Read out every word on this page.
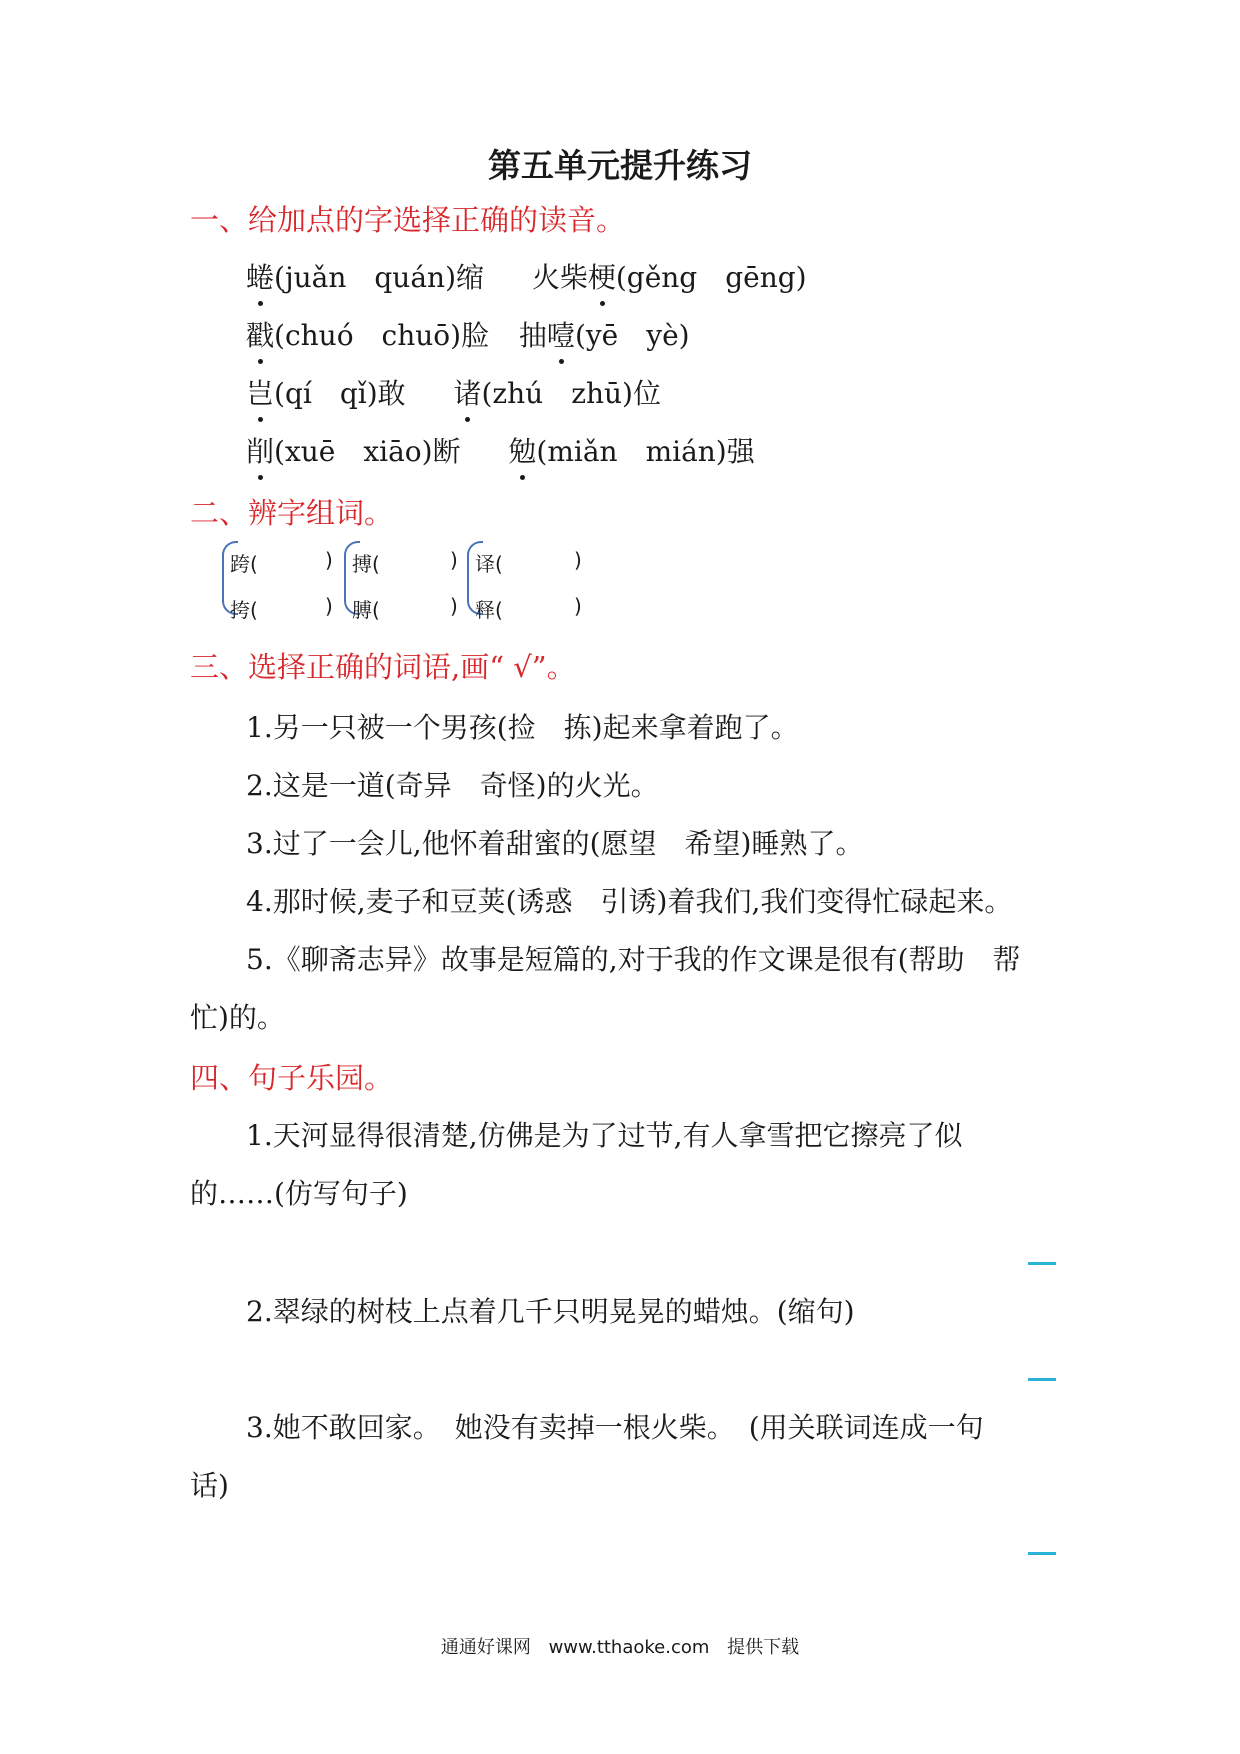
第五单元提升练习
一、给加点的字选择正确的读音。
蜷(juǎn　quán)缩 火柴梗(gěng　gēng)
戳(chuó　chuō)脸 抽噎(yē　yè)
岂(qí　qǐ)敢 诸(zhú　zhū)位
削(xuē　xiāo)断 勉(miǎn　mián)强
二、辨字组词。
跨(
挎(
)
)
搏(
膊(
)
)
译(
释(
)
)
三、选择正确的词语,画“ √”。
1.另一只被一个男孩(捡　拣)起来拿着跑了。
2.这是一道(奇异　奇怪)的火光。
3.过了一会儿,他怀着甜蜜的(愿望　希望)睡熟了。
4.那时候,麦子和豆荚(诱惑　引诱)着我们,我们变得忙碌起来。
5.《聊斋志异》故事是短篇的,对于我的作文课是很有(帮助　帮
忙)的。
四、句子乐园。
1.天河显得很清楚,仿佛是为了过节,有人拿雪把它擦亮了似
的……(仿写句子)
2.翠绿的树枝上点着几千只明晃晃的蜡烛。(缩句)
3.她不敢回家。　她没有卖掉一根火柴。　(用关联词连成一句
话)
通通好课网 www.tthaoke.com 提供下载
